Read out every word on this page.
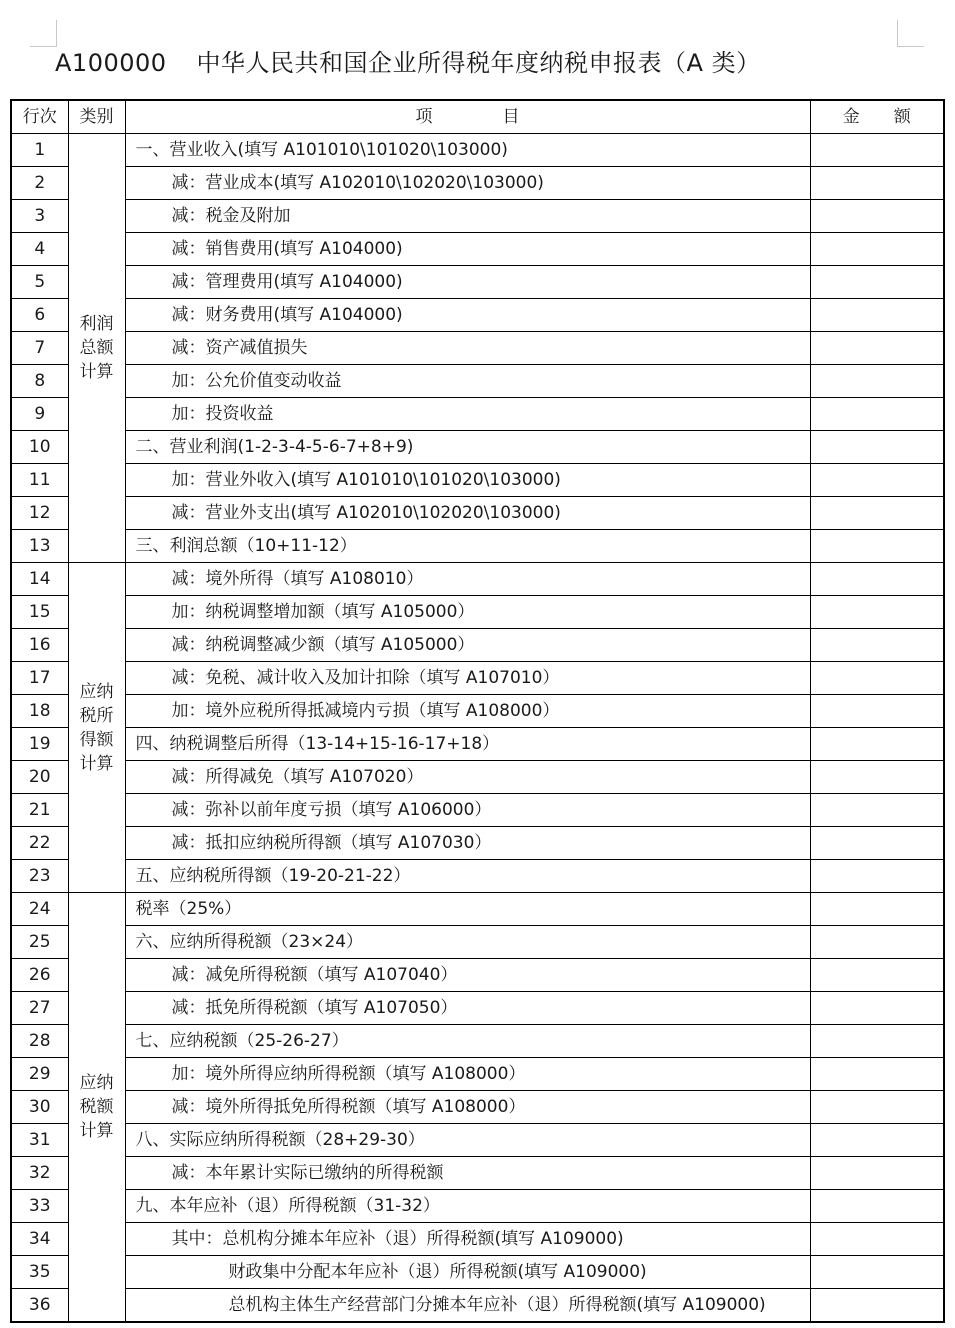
A100000 中华人民共和国企业所得税年度纳税申报表（A 类）
行次	类别	项 目	金　　额
1	利润总额计算	一、营业收入(填写 A101010\101020\103000)	
2		减：营业成本(填写 A102010\102020\103000)	
3		减：税金及附加	
4		减：销售费用(填写 A104000)	
5		减：管理费用(填写 A104000)	
6		减：财务费用(填写 A104000)	
7		减：资产减值损失	
8		加：公允价值变动收益	
9		加：投资收益	
10		二、营业利润(1-2-3-4-5-6-7+8+9)	
11		加：营业外收入(填写 A101010\101020\103000)	
12		减：营业外支出(填写 A102010\102020\103000)	
13		三、利润总额（10+11-12）	
14	应纳税所得额计算	减：境外所得（填写 A108010）	
15		加：纳税调整增加额（填写 A105000）	
16		减：纳税调整减少额（填写 A105000）	
17		减：免税、减计收入及加计扣除（填写 A107010）	
18		加：境外应税所得抵减境内亏损（填写 A108000）	
19		四、纳税调整后所得（13-14+15-16-17+18）	
20		减：所得减免（填写 A107020）	
21		减：弥补以前年度亏损（填写 A106000）	
22		减：抵扣应纳税所得额（填写 A107030）	
23		五、应纳税所得额（19-20-21-22）	
24	应纳税额计算	税率（25%）	
25		六、应纳所得税额（23×24）	
26		减：减免所得税额（填写 A107040）	
27		减：抵免所得税额（填写 A107050）	
28		七、应纳税额（25-26-27）	
29		加：境外所得应纳所得税额（填写 A108000）	
30		减：境外所得抵免所得税额（填写 A108000）	
31		八、实际应纳所得税额（28+29-30）	
32		减：本年累计实际已缴纳的所得税额	
33		九、本年应补（退）所得税额（31-32）	
34		其中：总机构分摊本年应补（退）所得税额(填写 A109000)	
35		财政集中分配本年应补（退）所得税额(填写 A109000)	
36		总机构主体生产经营部门分摊本年应补（退）所得税额(填写 A109000)	
